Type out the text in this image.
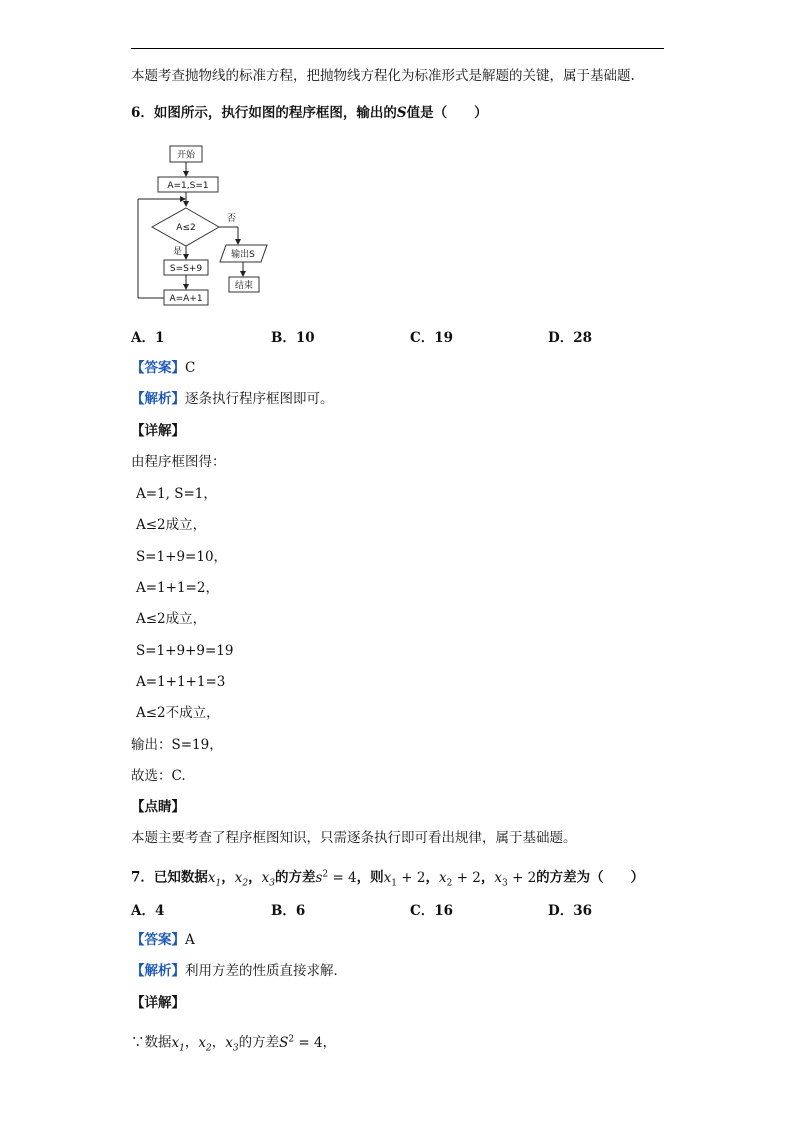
本题考查抛物线的标准方程，把抛物线方程化为标准形式是解题的关键，属于基础题.
6．如图所示，执行如图的程序框图，输出的S值是（　　）
开始
A=1,S=1
A≤2
否
输出S
结束
是
S=S+9
A=A+1
A．1	B．10	C．19	D．28
【答案】C
【解析】逐条执行程序框图即可。
【详解】
由程序框图得：
A=1, S=1，
A≤2成立，
S=1+9=10，
A=1+1=2，
A≤2成立，
S=1+9+9=19
A=1+1+1=3
A≤2不成立，
输出：S=19，
故选：C.
【点睛】
本题主要考查了程序框图知识，只需逐条执行即可看出规律，属于基础题。
7．已知数据$x_1$，$x_2$，$x_3$的方差$s^2 = 4$，则$x_1 + 2$，$x_2 + 2$，$x_3 + 2$的方差为（　　）
A．4	B．6	C．16	D．36
【答案】A
【解析】利用方差的性质直接求解．
【详解】
∵数据$x_1$，$x_2$，$x_3$的方差$S^2 = 4$，
